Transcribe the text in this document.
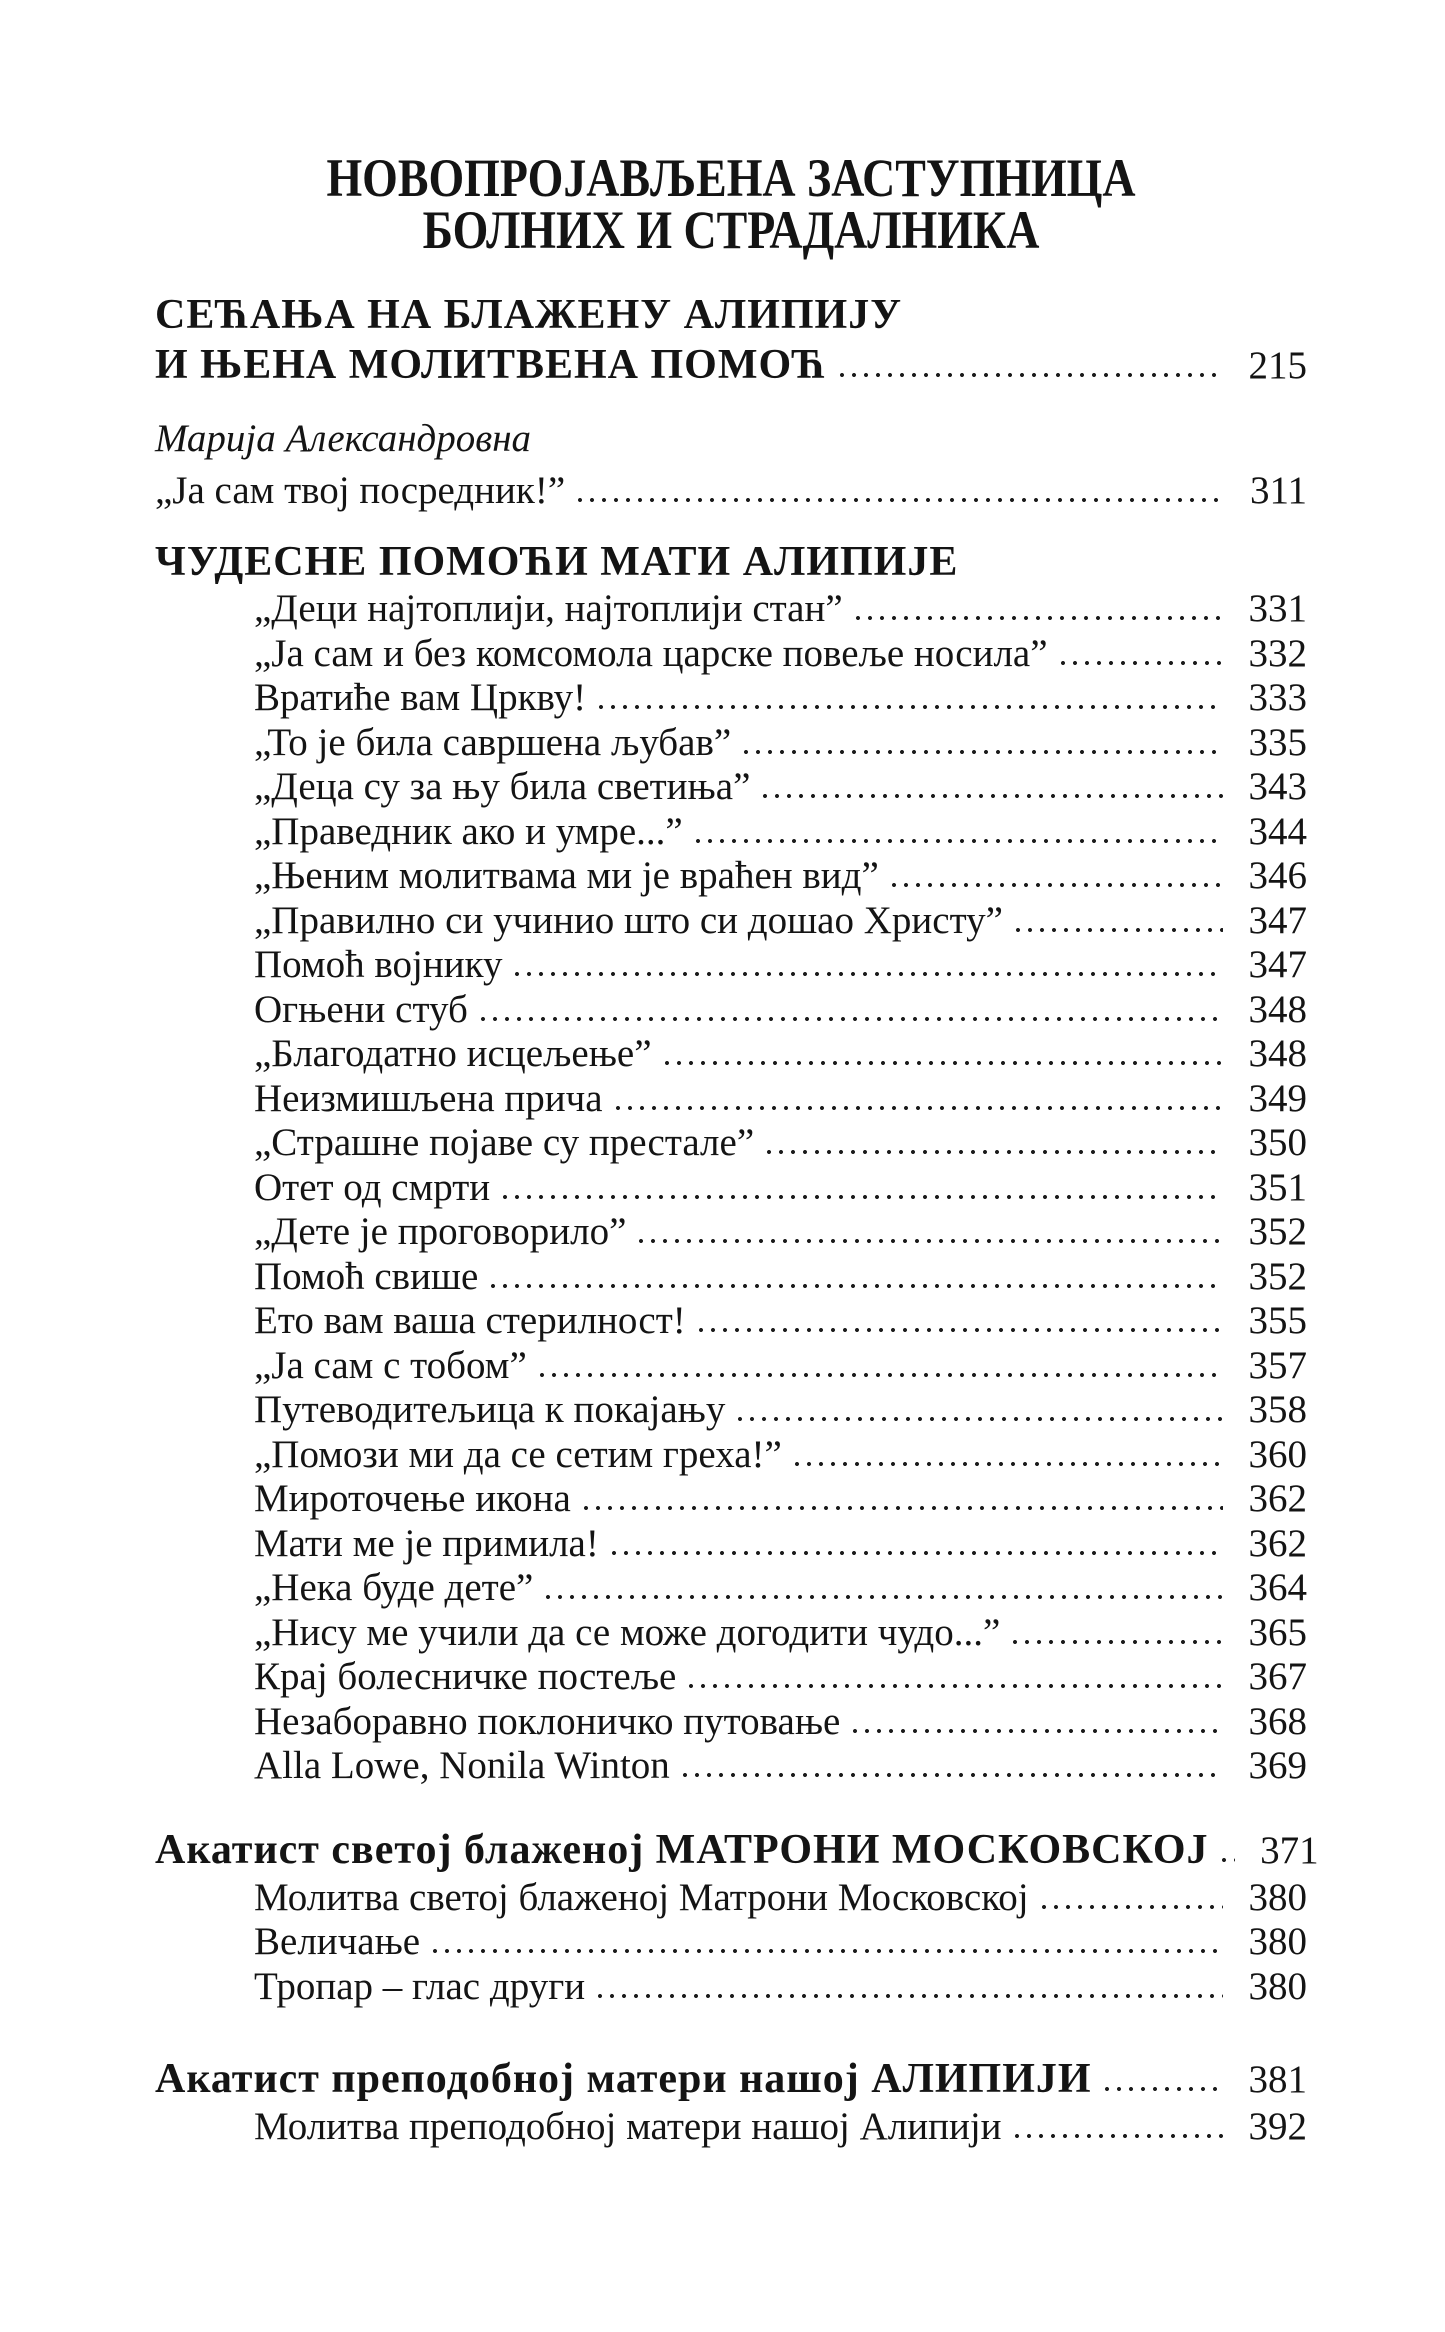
НОВОПРОЈАВЉЕНА ЗАСТУПНИЦА
БОЛНИХ И СТРАДАЛНИКА
СЕЋАЊА НА БЛАЖЕНУ АЛИПИЈУ
И ЊЕНА МОЛИТВЕНА ПОМОЋ	215
Марија Александровна
„Ја сам твој посредник!”	311
ЧУДЕСНЕ ПОМОЋИ МАТИ АЛИПИЈЕ
„Деци најтоплији, најтоплији стан”	331
„Ја сам и без комсомола царске повеље носила”	332
Вратиће вам Цркву!	333
„То је била савршена љубав”	335
„Деца су за њу била светиња”	343
„Праведник ако и умре...”	344
„Њеним молитвама ми је враћен вид”	346
„Правилно си учинио што си дошао Христу”	347
Помоћ војнику	347
Огњени стуб	348
„Благодатно исцељење”	348
Неизмишљена прича	349
„Страшне појаве су престале”	350
Отет од смрти	351
„Дете је проговорило”	352
Помоћ свише	352
Ето вам ваша стерилност!	355
„Ја сам с тобом”	357
Путеводитељица к покајању	358
„Помози ми да се сетим греха!”	360
Мироточење икона	362
Мати ме је примила!	362
„Нека буде дете”	364
„Нису ме учили да се може догодити чудо...”	365
Крај болесничке постеље	367
Незаборавно поклоничко путовање	368
Alla Lowe, Nonila Winton	369
Акатист светој блаженој МАТРОНИ МОСКОВСКОЈ 371
Молитва светој блаженој Матрони Московској	380
Величање	380
Тропар – глас други	380
Акатист преподобној матери нашој АЛИПИЈИ	381
Молитва преподобној матери нашој Алипији	392
